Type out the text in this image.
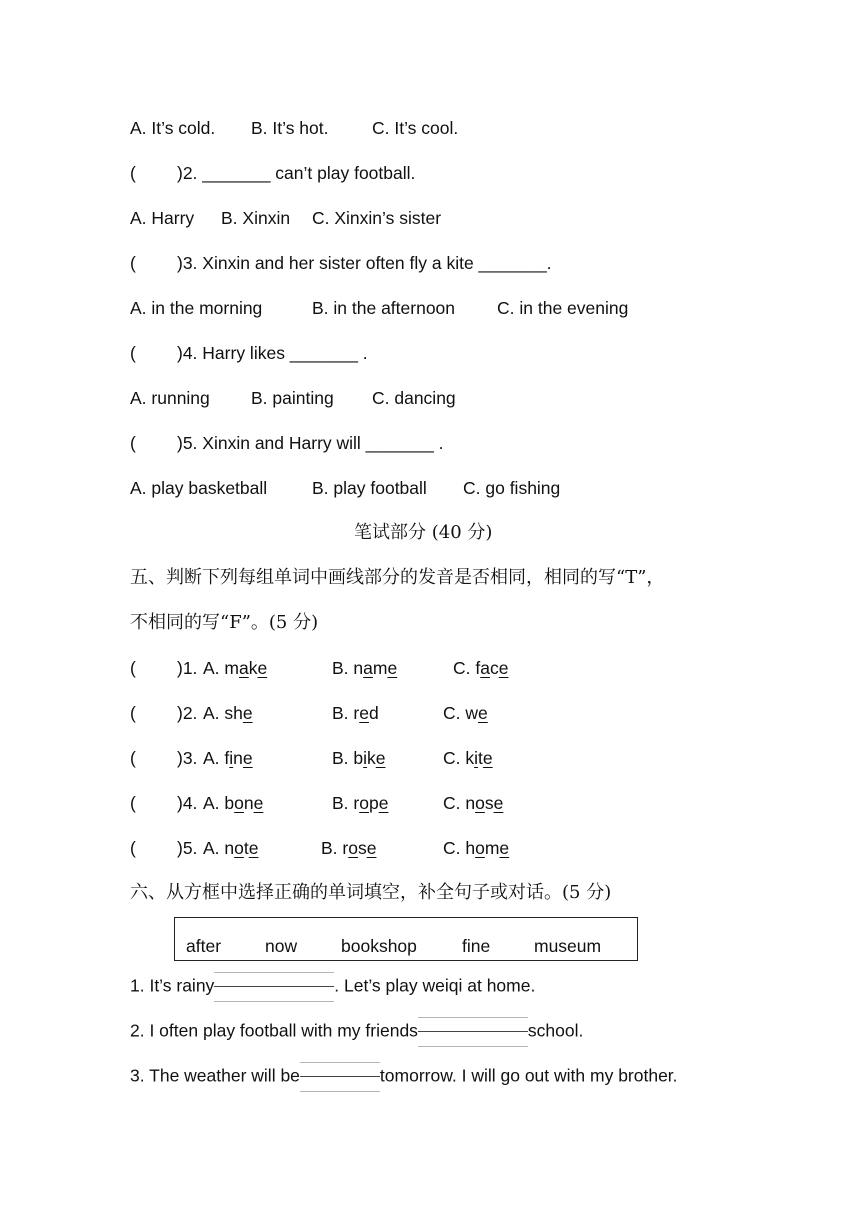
A. It’s cold. B. It’s hot. C. It’s cool.
( )2. _______ can’t play football.
A. Harry B. Xinxin C. Xinxin’s sister
( )3. Xinxin and her sister often fly a kite _______.
A. in the morning	B. in the afternoon C. in the evening
( )4. Harry likes _______ .
A. running B. painting C. dancing
( )5. Xinxin and Harry will _______ .
A. play basketball	B. play football C. go fishing
笔试部分 (40 分)
五、判断下列每组单词中画线部分的发音是否相同，相同的写“T”，
不相同的写“F”。(5 分)
( )1. A. make	B. name	C. face
( )2. A. she	B. red	C. we
( )3. A. fine	B. bike	C. kite
( )4. A. bone	B. rope	C. nose
( )5. A. note	B. rose	C. home
六、从方框中选择正确的单词填空，补全句子或对话。(5 分)
after	now	bookshop	fine	museum
1. It’s rainy	. Let’s play weiqi at home.
2. I often play football with my friends	school.
3. The weather will be	tomorrow. I will go out with my brother.
